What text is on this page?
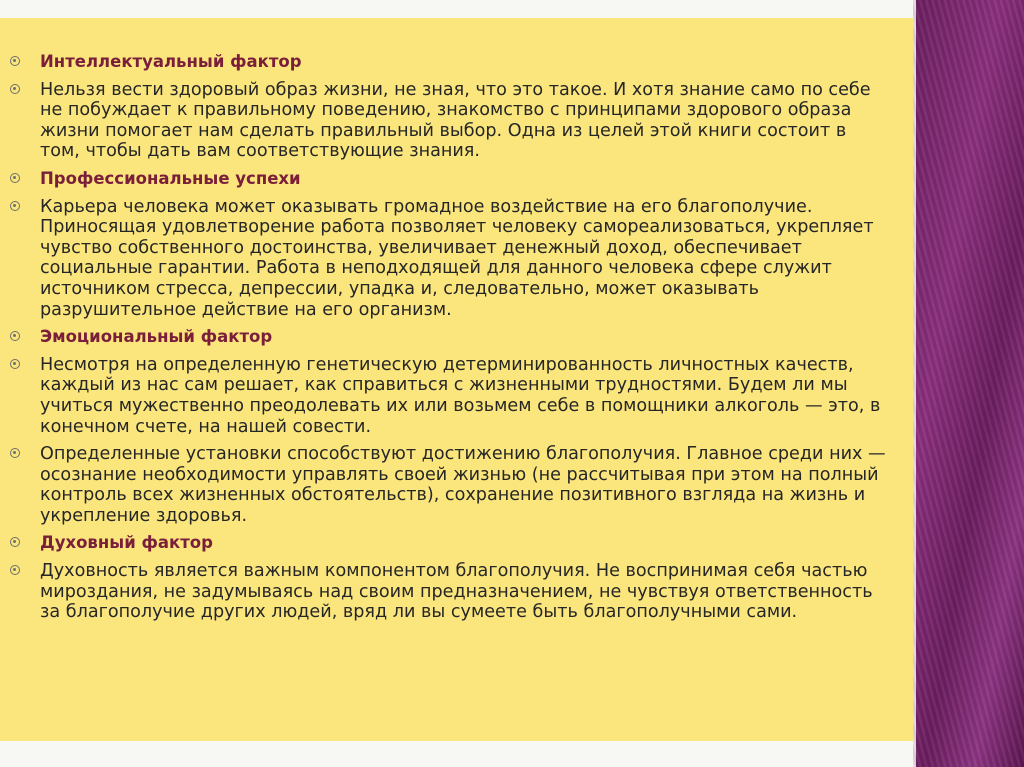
Интеллектуальный фактор
Нельзя вести здоровый образ жизни, не зная, что это такое. И хотя знание само по себе не побуждает к правильному поведению, знакомство с принципами здорового образа жизни помогает нам сделать правильный выбор. Одна из целей этой книги состоит в том, чтобы дать вам соответствующие знания.
Профессиональные успехи
Карьера человека может оказывать громадное воздействие на его благополучие. Приносящая удовлетворение работа позволяет человеку самореализоваться, укрепляет чувство собственного достоинства, увеличивает денежный доход, обеспечивает социальные гарантии. Работа в неподходящей для данного человека сфере служит источником стресса, депрессии, упадка и, следовательно, может оказывать разрушительное действие на его организм.
Эмоциональный фактор
Несмотря на определенную генетическую детерминированность личностных качеств, каждый из нас сам решает, как справиться с жизненными трудностями. Будем ли мы учиться мужественно преодолевать их или возьмем себе в помощники алкоголь — это, в конечном счете, на нашей совести.
Определенные установки способствуют достижению благополучия. Главное среди них — осознание необходимости управлять своей жизнью (не рассчитывая при этом на полный контроль всех жизненных обстоятельств), сохранение позитивного взгляда на жизнь и укрепление здоровья.
Духовный фактор
Духовность является важным компонентом благополучия. Не воспринимая себя частью мироздания, не задумываясь над своим предназначением, не чувствуя ответственность за благополучие других людей, вряд ли вы сумеете быть благополучными сами.
